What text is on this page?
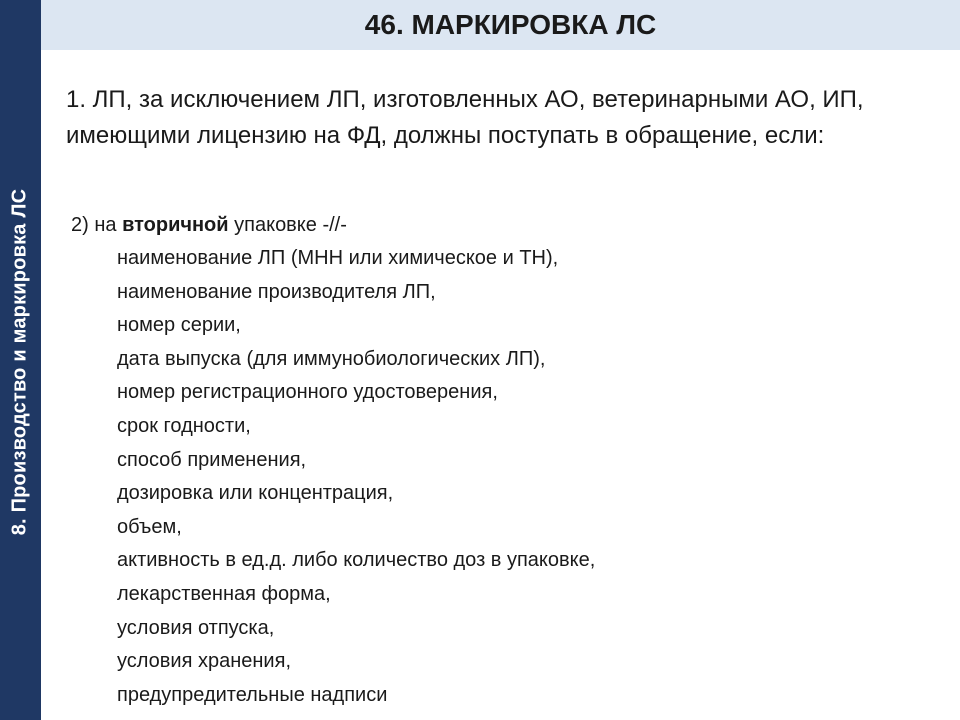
8. Производство и маркировка ЛС
46. МАРКИРОВКА ЛС

1. ЛП, за исключением ЛП, изготовленных АО, ветеринарными АО, ИП, имеющими лицензию на ФД, должны поступать в обращение, если:

2) на вторичной упаковке -//-

наименование ЛП (МНН или химическое и ТН),
наименование производителя ЛП,
номер серии,
дата выпуска (для иммунобиологических ЛП),
номер регистрационного удостоверения,
срок годности,
способ применения,
дозировка или концентрация,
объем,
активность в ед.д. либо количество доз в упаковке,
лекарственная форма,
условия отпуска,
условия хранения,
предупредительные надписи
